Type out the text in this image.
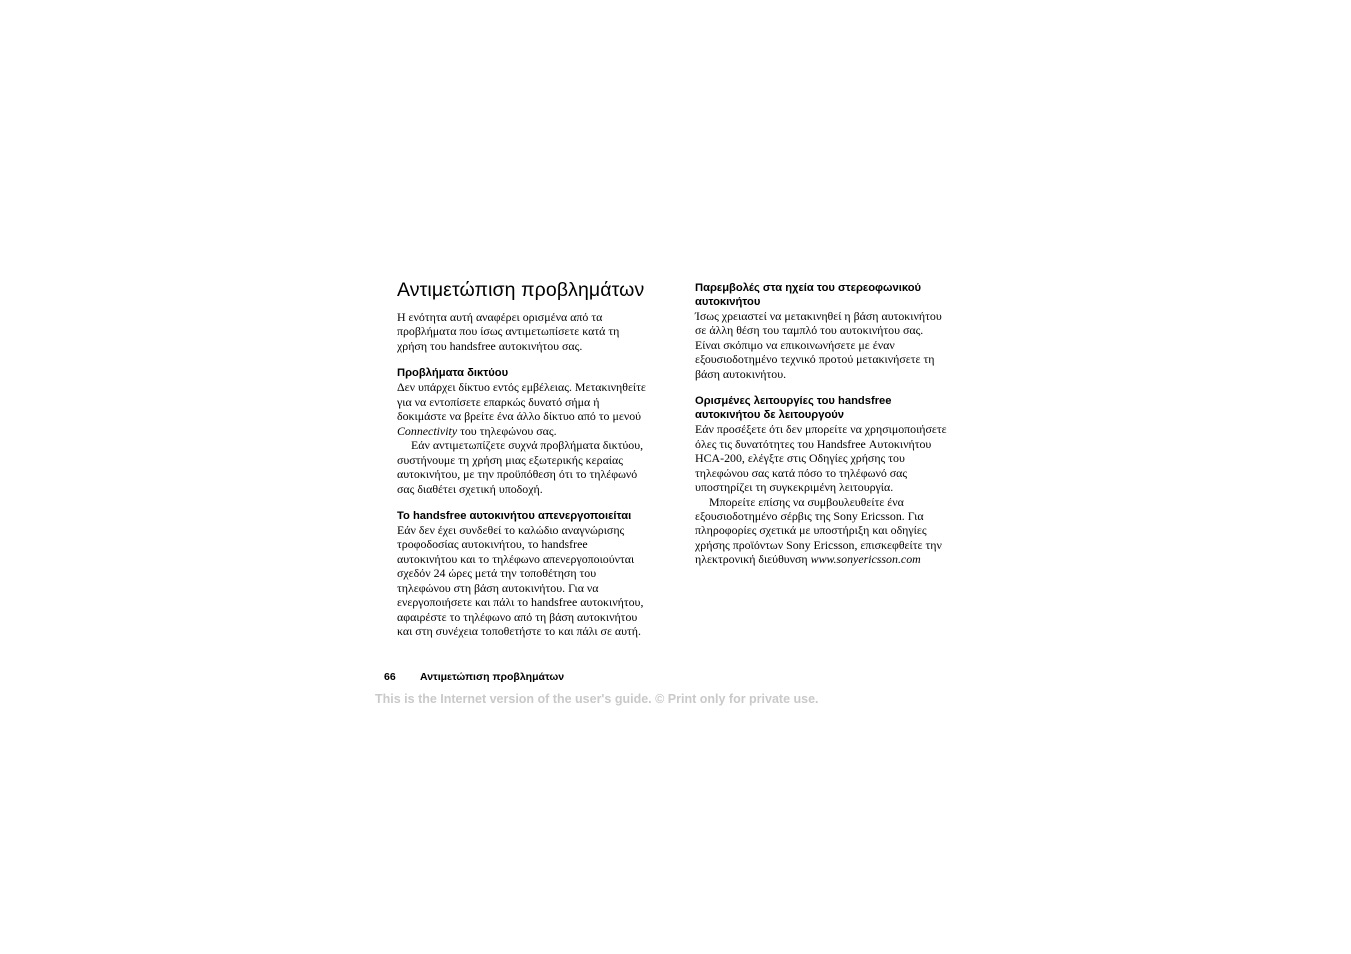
Αντιμετώπιση προβλημάτων

Η ενότητα αυτή αναφέρει ορισμένα από τα
προβλήματα που ίσως αντιμετωπίσετε κατά τη
χρήση του handsfree αυτοκινήτου σας.

Προβλήματα δικτύου

Δεν υπάρχει δίκτυο εντός εμβέλειας. Μετακινηθείτε
για να εντοπίσετε επαρκώς δυνατό σήμα ή
δοκιμάστε να βρείτε ένα άλλο δίκτυο από το μενού
Connectivity του τηλεφώνου σας.
Εάν αντιμετωπίζετε συχνά προβλήματα δικτύου,
συστήνουμε τη χρήση μιας εξωτερικής κεραίας
αυτοκινήτου, με την προϋπόθεση ότι το τηλέφωνό
σας διαθέτει σχετική υποδοχή.

Το handsfree αυτοκινήτου απενεργοποιείται

Εάν δεν έχει συνδεθεί το καλώδιο αναγνώρισης
τροφοδοσίας αυτοκινήτου, το handsfree
αυτοκινήτου και το τηλέφωνο απενεργοποιούνται
σχεδόν 24 ώρες μετά την τοποθέτηση του
τηλεφώνου στη βάση αυτοκινήτου. Για να
ενεργοποιήσετε και πάλι το handsfree αυτοκινήτου,
αφαιρέστε το τηλέφωνο από τη βάση αυτοκινήτου
και στη συνέχεια τοποθετήστε το και πάλι σε αυτή.

Παρεμβολές στα ηχεία του στερεοφωνικού
αυτοκινήτου

Ίσως χρειαστεί να μετακινηθεί η βάση αυτοκινήτου
σε άλλη θέση του ταμπλό του αυτοκινήτου σας.
Είναι σκόπιμο να επικοινωνήσετε με έναν
εξουσιοδοτημένο τεχνικό προτού μετακινήσετε τη
βάση αυτοκινήτου.

Ορισμένες λειτουργίες του handsfree
αυτοκινήτου δε λειτουργούν

Εάν προσέξετε ότι δεν μπορείτε να χρησιμοποιήσετε
όλες τις δυνατότητες του Handsfree Αυτοκινήτου
HCA-200, ελέγξτε στις Οδηγίες χρήσης του
τηλεφώνου σας κατά πόσο το τηλέφωνό σας
υποστηρίζει τη συγκεκριμένη λειτουργία.
Μπορείτε επίσης να συμβουλευθείτε ένα
εξουσιοδοτημένο σέρβις της Sony Ericsson. Για
πληροφορίες σχετικά με υποστήριξη και οδηγίες
χρήσης προϊόντων Sony Ericsson, επισκεφθείτε την
ηλεκτρονική διεύθυνση www.sonyericsson.com

66 Αντιμετώπιση προβλημάτων
This is the Internet version of the user's guide. © Print only for private use.
